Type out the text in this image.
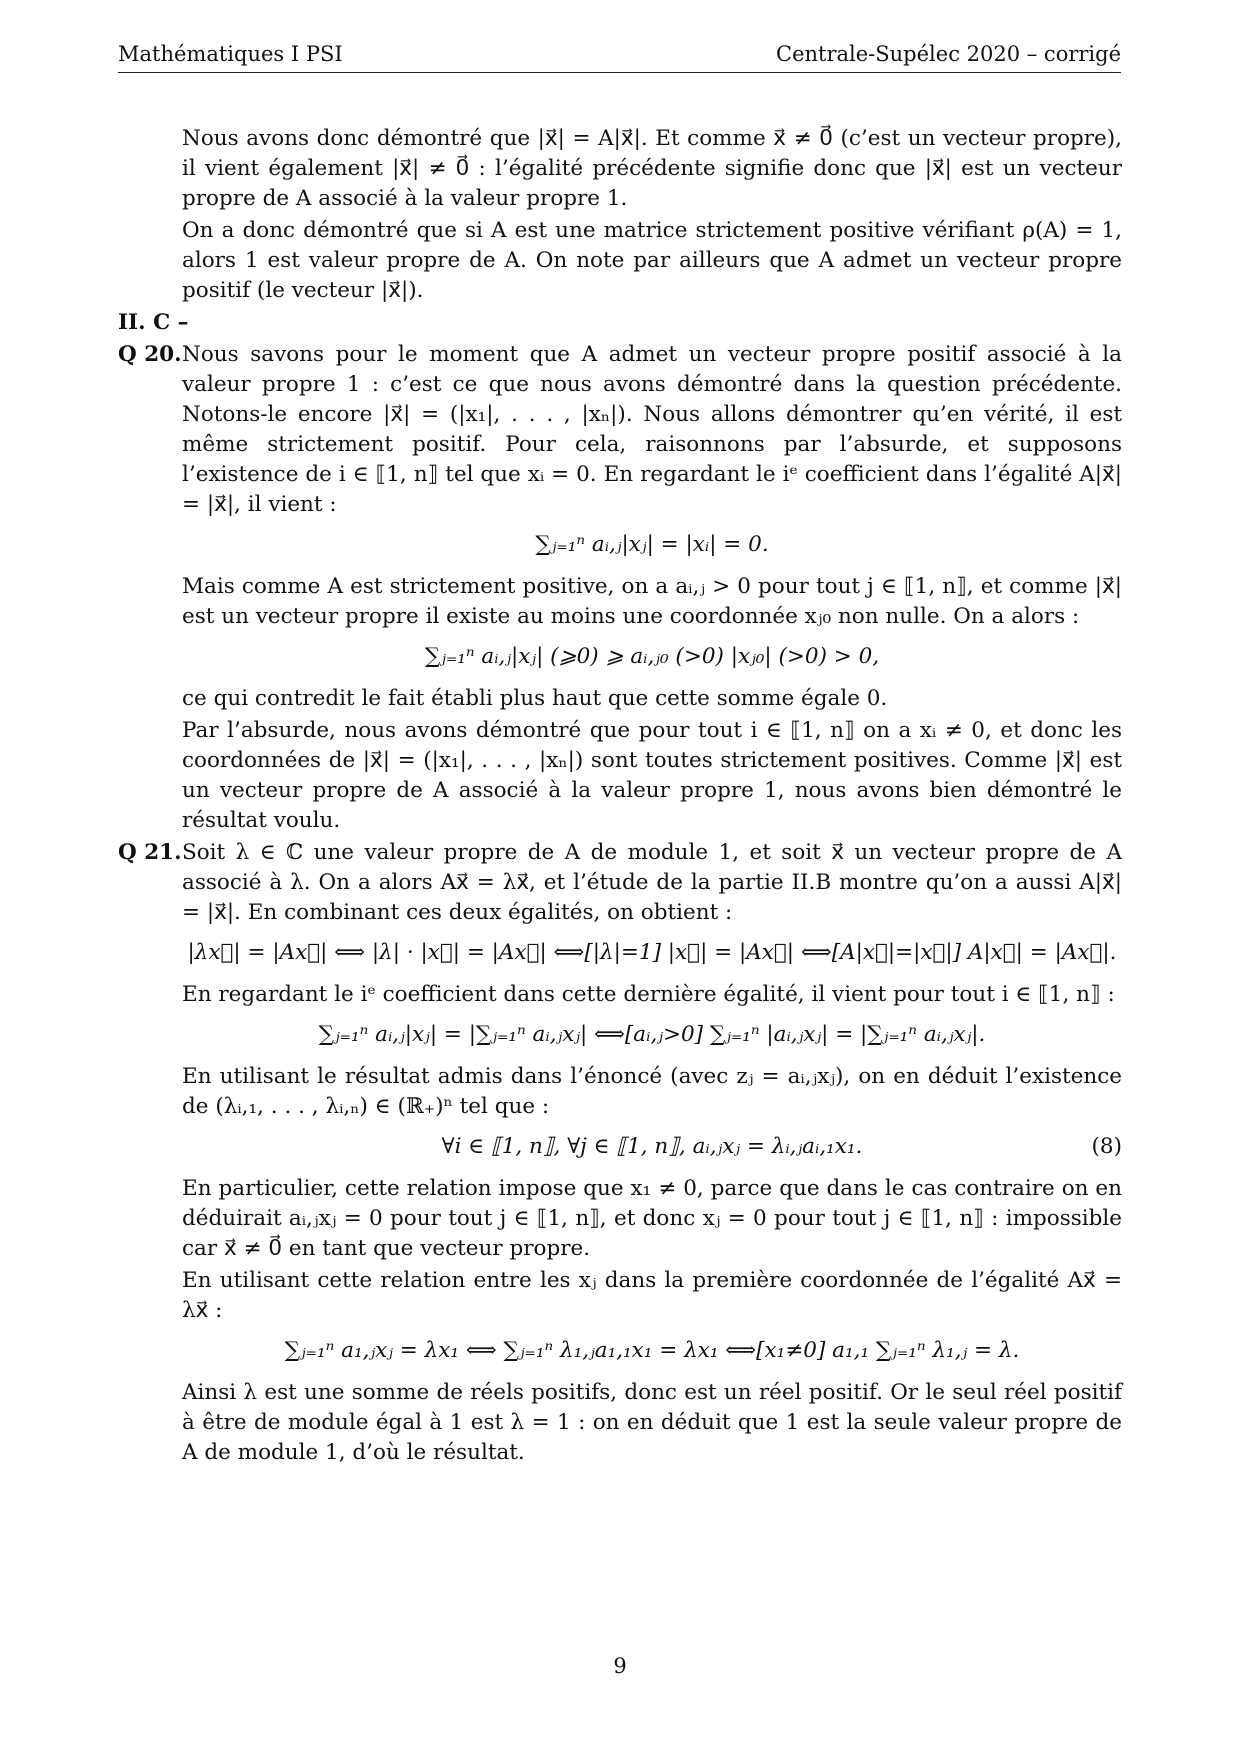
Mathématiques I PSI	Centrale-Supélec 2020 – corrigé

Nous avons donc démontré que |x⃗| = A|x⃗|. Et comme x⃗ ≠ 0⃗ (c’est un vecteur propre), il vient également |x⃗| ≠ 0⃗ : l’égalité précédente signifie donc que |x⃗| est un vecteur propre de A associé à la valeur propre 1.

On a donc démontré que si A est une matrice strictement positive vérifiant ρ(A) = 1, alors 1 est valeur propre de A. On note par ailleurs que A admet un vecteur propre positif (le vecteur |x⃗|).

II. C –
Q 20. Nous savons pour le moment que A admet un vecteur propre positif associé à la valeur propre 1 : c’est ce que nous avons démontré dans la question précédente. Notons-le encore |x⃗| = (|x₁|, . . . , |xₙ|). Nous allons démontrer qu’en vérité, il est même strictement positif. Pour cela, raisonnons par l’absurde, et supposons l’existence de i ∈ ⟦1, n⟧ tel que xᵢ = 0. En regardant le iᵉ coefficient dans l’égalité A|x⃗| = |x⃗|, il vient :

∑ⱼ₌₁ⁿ aᵢ,ⱼ|xⱼ| = |xᵢ| = 0.

Mais comme A est strictement positive, on a aᵢ,ⱼ > 0 pour tout j ∈ ⟦1, n⟧, et comme |x⃗| est un vecteur propre il existe au moins une coordonnée xⱼ₀ non nulle. On a alors :

∑ⱼ₌₁ⁿ aᵢ,ⱼ|xⱼ| (⩾0) ⩾ aᵢ,ⱼ₀ (>0) |xⱼ₀| (>0) > 0,

ce qui contredit le fait établi plus haut que cette somme égale 0.

Par l’absurde, nous avons démontré que pour tout i ∈ ⟦1, n⟧ on a xᵢ ≠ 0, et donc les coordonnées de |x⃗| = (|x₁|, . . . , |xₙ|) sont toutes strictement positives. Comme |x⃗| est un vecteur propre de A associé à la valeur propre 1, nous avons bien démontré le résultat voulu.

Q 21. Soit λ ∈ ℂ une valeur propre de A de module 1, et soit x⃗ un vecteur propre de A associé à λ. On a alors Ax⃗ = λx⃗, et l’étude de la partie II.B montre qu’on a aussi A|x⃗| = |x⃗|. En combinant ces deux égalités, on obtient :

|λx⃗| = |Ax⃗| ⟺ |λ| · |x⃗| = |Ax⃗| ⟺[|λ|=1] |x⃗| = |Ax⃗| ⟺[A|x⃗|=|x⃗|] A|x⃗| = |Ax⃗|.

En regardant le iᵉ coefficient dans cette dernière égalité, il vient pour tout i ∈ ⟦1, n⟧ :

∑ⱼ₌₁ⁿ aᵢ,ⱼ|xⱼ| = |∑ⱼ₌₁ⁿ aᵢ,ⱼxⱼ| ⟺[aᵢ,ⱼ>0] ∑ⱼ₌₁ⁿ |aᵢ,ⱼxⱼ| = |∑ⱼ₌₁ⁿ aᵢ,ⱼxⱼ|.

En utilisant le résultat admis dans l’énoncé (avec zⱼ = aᵢ,ⱼxⱼ), on en déduit l’existence de (λᵢ,₁, . . . , λᵢ,ₙ) ∈ (ℝ₊)ⁿ tel que :

∀i ∈ ⟦1, n⟧, ∀j ∈ ⟦1, n⟧, aᵢ,ⱼxⱼ = λᵢ,ⱼaᵢ,₁x₁.	(8)

En particulier, cette relation impose que x₁ ≠ 0, parce que dans le cas contraire on en déduirait aᵢ,ⱼxⱼ = 0 pour tout j ∈ ⟦1, n⟧, et donc xⱼ = 0 pour tout j ∈ ⟦1, n⟧ : impossible car x⃗ ≠ 0⃗ en tant que vecteur propre.

En utilisant cette relation entre les xⱼ dans la première coordonnée de l’égalité Ax⃗ = λx⃗ :

∑ⱼ₌₁ⁿ a₁,ⱼxⱼ = λx₁ ⟺ ∑ⱼ₌₁ⁿ λ₁,ⱼa₁,₁x₁ = λx₁ ⟺[x₁≠0] a₁,₁ ∑ⱼ₌₁ⁿ λ₁,ⱼ = λ.

Ainsi λ est une somme de réels positifs, donc est un réel positif. Or le seul réel positif à être de module égal à 1 est λ = 1 : on en déduit que 1 est la seule valeur propre de A de module 1, d’où le résultat.

9
